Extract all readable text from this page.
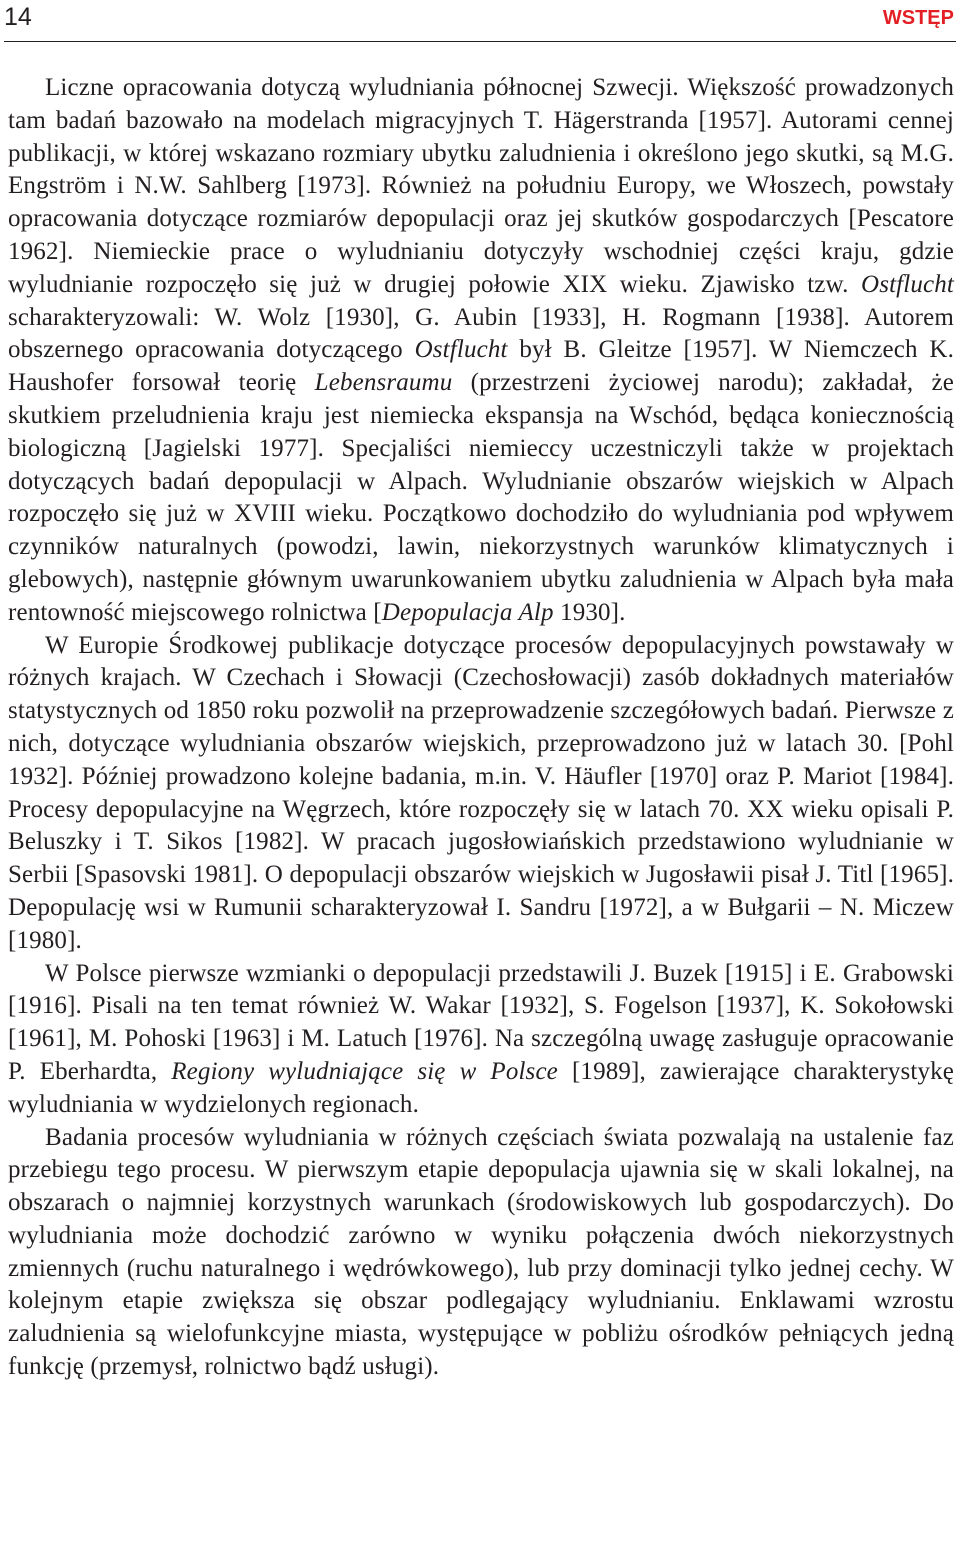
14	WSTĘP

Liczne opracowania dotyczą wyludniania północnej Szwecji. Większość prowadzonych tam badań bazowało na modelach migracyjnych T. Hägerstranda [1957]. Autorami cennej publikacji, w której wskazano rozmiary ubytku zaludnienia i określono jego skutki, są M.G. Engström i N.W. Sahlberg [1973]. Również na południu Europy, we Włoszech, powstały opracowania dotyczące rozmiarów depopulacji oraz jej skutków gospodarczych [Pescatore 1962]. Niemieckie prace o wyludnianiu dotyczyły wschodniej części kraju, gdzie wyludnianie rozpoczęło się już w drugiej połowie XIX wieku. Zjawisko tzw. Ostflucht scharakteryzowali: W. Wolz [1930], G. Aubin [1933], H. Rogmann [1938]. Autorem obszernego opracowania dotyczącego Ostflucht był B. Gleitze [1957]. W Niemczech K. Haushofer forsował teorię Lebensraumu (przestrzeni życiowej narodu); zakładał, że skutkiem przeludnienia kraju jest niemiecka ekspansja na Wschód, będąca koniecznością biologiczną [Jagielski 1977]. Specjaliści niemieccy uczestniczyli także w projektach dotyczących badań depopulacji w Alpach. Wyludnianie obszarów wiejskich w Alpach rozpoczęło się już w XVIII wieku. Początkowo dochodziło do wyludniania pod wpływem czynników naturalnych (powodzi, lawin, niekorzystnych warunków klimatycznych i glebowych), następnie głównym uwarunkowaniem ubytku zaludnienia w Alpach była mała rentowność miejscowego rolnictwa [Depopulacja Alp 1930].

W Europie Środkowej publikacje dotyczące procesów depopulacyjnych powstawały w różnych krajach. W Czechach i Słowacji (Czechosłowacji) zasób dokładnych materiałów statystycznych od 1850 roku pozwolił na przeprowadzenie szczegółowych badań. Pierwsze z nich, dotyczące wyludniania obszarów wiejskich, przeprowadzono już w latach 30. [Pohl 1932]. Później prowadzono kolejne badania, m.in. V. Häufler [1970] oraz P. Mariot [1984]. Procesy depopulacyjne na Węgrzech, które rozpoczęły się w latach 70. XX wieku opisali P. Beluszky i T. Sikos [1982]. W pracach jugosłowiańskich przedstawiono wyludnianie w Serbii [Spasovski 1981]. O depopulacji obszarów wiejskich w Jugosławii pisał J. Titl [1965]. Depopulację wsi w Rumunii scharakteryzował I. Sandru [1972], a w Bułgarii – N. Miczew [1980].

W Polsce pierwsze wzmianki o depopulacji przedstawili J. Buzek [1915] i E. Grabowski [1916]. Pisali na ten temat również W. Wakar [1932], S. Fogelson [1937], K. Sokołowski [1961], M. Pohoski [1963] i M. Latuch [1976]. Na szczególną uwagę zasługuje opracowanie P. Eberhardta, Regiony wyludniające się w Polsce [1989], zawierające charakterystykę wyludniania w wydzielonych regionach.

Badania procesów wyludniania w różnych częściach świata pozwalają na ustalenie faz przebiegu tego procesu. W pierwszym etapie depopulacja ujawnia się w skali lokalnej, na obszarach o najmniej korzystnych warunkach (środowiskowych lub gospodarczych). Do wyludniania może dochodzić zarówno w wyniku połączenia dwóch niekorzystnych zmiennych (ruchu naturalnego i wędrówkowego), lub przy dominacji tylko jednej cechy. W kolejnym etapie zwiększa się obszar podlegający wyludnianiu. Enklawami wzrostu zaludnienia są wielofunkcyjne miasta, występujące w pobliżu ośrodków pełniących jedną funkcję (przemysł, rolnictwo bądź usługi).
